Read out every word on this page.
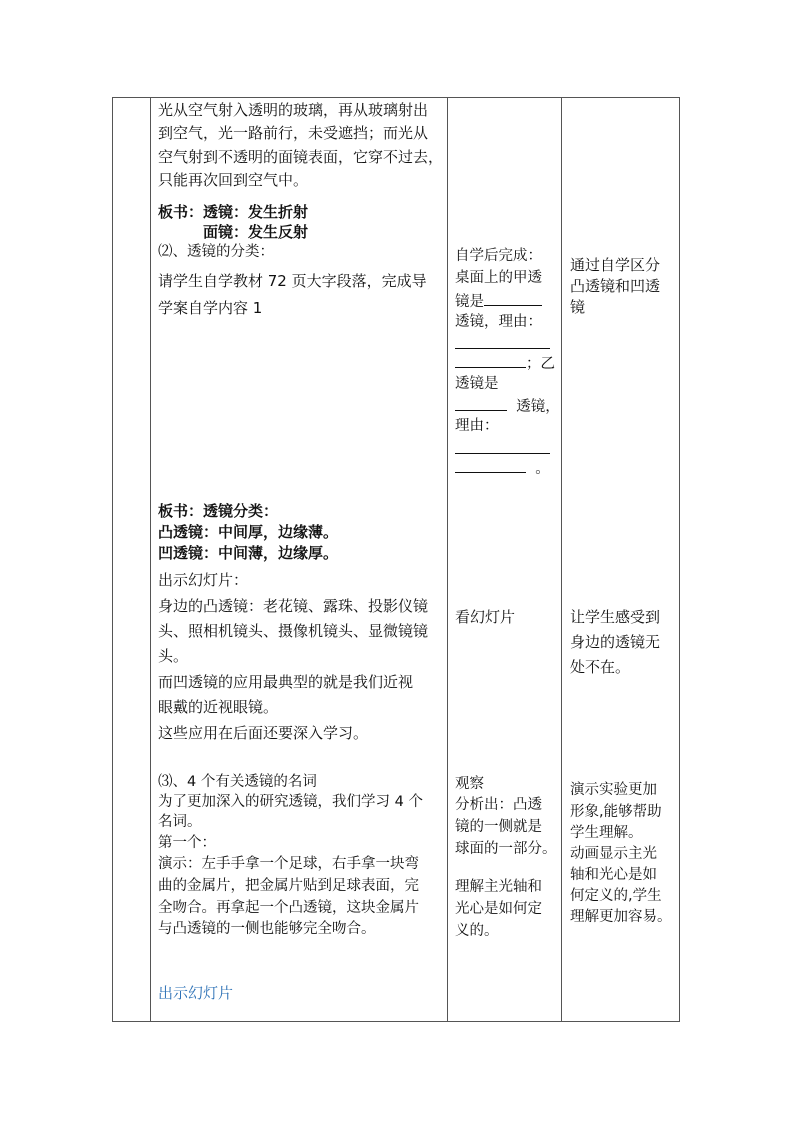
光从空气射入透明的玻璃，再从玻璃射出
到空气，光一路前行，未受遮挡；而光从
空气射到不透明的面镜表面，它穿不过去，
只能再次回到空气中。
板书：透镜：发生折射
面镜：发生反射
⑵、透镜的分类：
请学生自学教材 72 页大字段落，完成导
学案自学内容 1
板书：透镜分类：
凸透镜：中间厚，边缘薄。
凹透镜：中间薄，边缘厚。
出示幻灯片：
身边的凸透镜：老花镜、露珠、投影仪镜
头、照相机镜头、摄像机镜头、显微镜镜
头。
而凹透镜的应用最典型的就是我们近视
眼戴的近视眼镜。
这些应用在后面还要深入学习。
⑶、4 个有关透镜的名词
为了更加深入的研究透镜，我们学习 4 个
名词。
第一个：
演示：左手手拿一个足球，右手拿一块弯
曲的金属片，把金属片贴到足球表面，完
全吻合。再拿起一个凸透镜，这块金属片
与凸透镜的一侧也能够完全吻合。
出示幻灯片
自学后完成：
桌面上的甲透
镜是
透镜，理由：
；乙
透镜是
透镜，
理由：
。
看幻灯片
观察
分析出：凸透
镜的一侧就是
球面的一部分。
理解主光轴和
光心是如何定
义的。
通过自学区分
凸透镜和凹透
镜
让学生感受到
身边的透镜无
处不在。
演示实验更加
形象,能够帮助
学生理解。
动画显示主光
轴和光心是如
何定义的,学生
理解更加容易。
